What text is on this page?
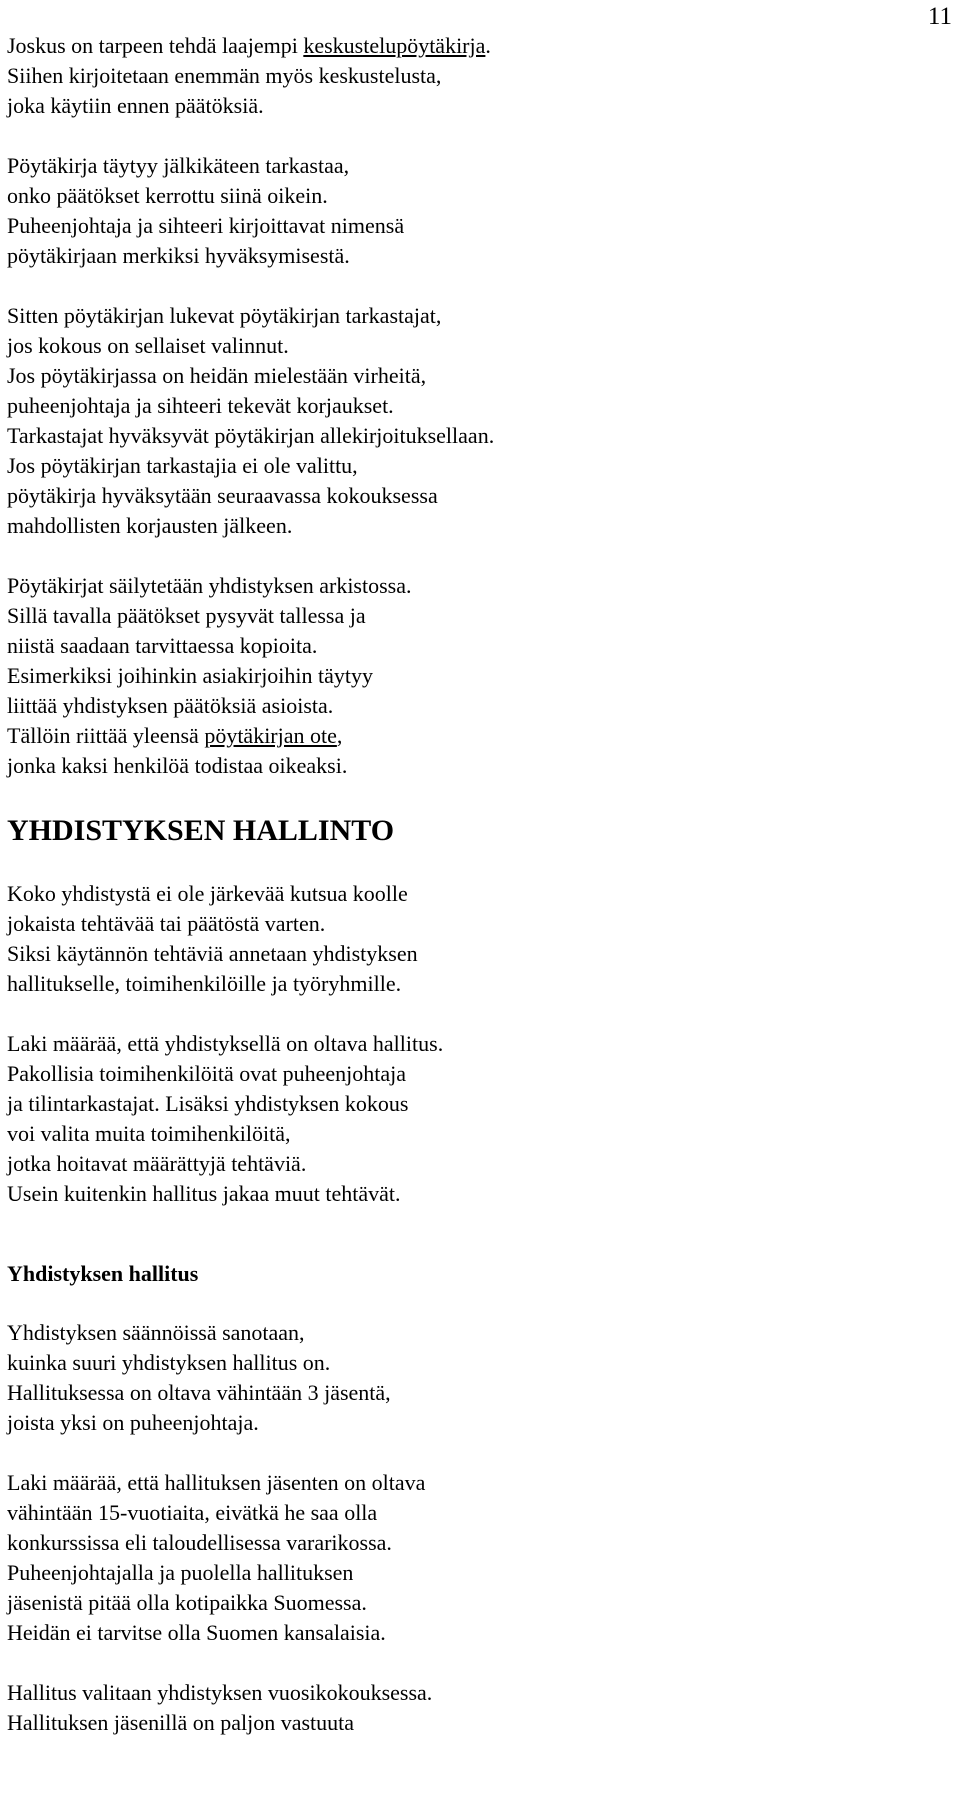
11

Joskus on tarpeen tehdä laajempi keskustelupöytäkirja.
Siihen kirjoitetaan enemmän myös keskustelusta,
joka käytiin ennen päätöksiä.

Pöytäkirja täytyy jälkikäteen tarkastaa,
onko päätökset kerrottu siinä oikein.
Puheenjohtaja ja sihteeri kirjoittavat nimensä
pöytäkirjaan merkiksi hyväksymisestä.

Sitten pöytäkirjan lukevat pöytäkirjan tarkastajat,
jos kokous on sellaiset valinnut.
Jos pöytäkirjassa on heidän mielestään virheitä,
puheenjohtaja ja sihteeri tekevät korjaukset.
Tarkastajat hyväksyvät pöytäkirjan allekirjoituksellaan.
Jos pöytäkirjan tarkastajia ei ole valittu,
pöytäkirja hyväksytään seuraavassa kokouksessa
mahdollisten korjausten jälkeen.

Pöytäkirjat säilytetään yhdistyksen arkistossa.
Sillä tavalla päätökset pysyvät tallessa ja
niistä saadaan tarvittaessa kopioita.
Esimerkiksi joihinkin asiakirjoihin täytyy
liittää yhdistyksen päätöksiä asioista.
Tällöin riittää yleensä pöytäkirjan ote,
jonka kaksi henkilöä todistaa oikeaksi.

YHDISTYKSEN HALLINTO

Koko yhdistystä ei ole järkevää kutsua koolle
jokaista tehtävää tai päätöstä varten.
Siksi käytännön tehtäviä annetaan yhdistyksen
hallitukselle, toimihenkilöille ja työryhmille.

Laki määrää, että yhdistyksellä on oltava hallitus.
Pakollisia toimihenkilöitä ovat puheenjohtaja
ja tilintarkastajat. Lisäksi yhdistyksen kokous
voi valita muita toimihenkilöitä,
jotka hoitavat määrättyjä tehtäviä.
Usein kuitenkin hallitus jakaa muut tehtävät.

Yhdistyksen hallitus

Yhdistyksen säännöissä sanotaan,
kuinka suuri yhdistyksen hallitus on.
Hallituksessa on oltava vähintään 3 jäsentä,
joista yksi on puheenjohtaja.

Laki määrää, että hallituksen jäsenten on oltava
vähintään 15-vuotiaita, eivätkä he saa olla
konkurssissa eli taloudellisessa vararikossa.
Puheenjohtajalla ja puolella hallituksen
jäsenistä pitää olla kotipaikka Suomessa.
Heidän ei tarvitse olla Suomen kansalaisia.

Hallitus valitaan yhdistyksen vuosikokouksessa.
Hallituksen jäsenillä on paljon vastuuta
